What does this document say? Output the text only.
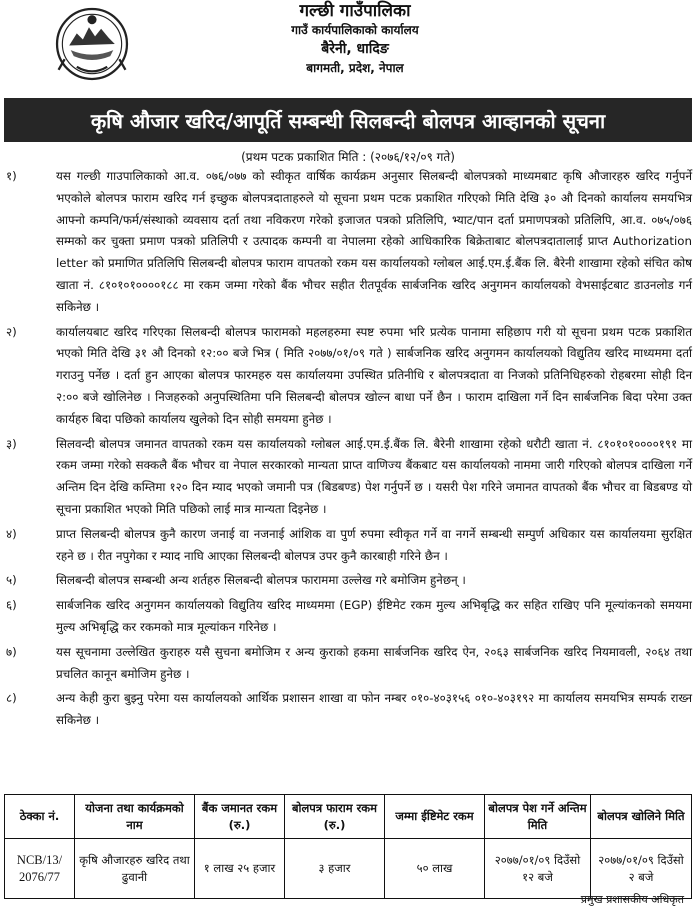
गल्छी गाउँपालिका
गाउँ कार्यपालिकाको कार्यालय
बैरेनी, धादिङ
बागमती, प्रदेश, नेपाल
कृषि औजार खरिद/आपूर्ति सम्बन्धी सिलबन्दी बोलपत्र आव्हानको सूचना
(प्रथम पटक प्रकाशित मिति : (२०७६/१२/०९ गते)
१)	यस गल्छी गाउपालिकाको आ.व. ०७६/०७७ को स्वीकृत वार्षिक कार्यक्रम अनुसार सिलबन्दी बोलपत्रको माध्यमबाट कृषि औजारहरु खरिद गर्नुपर्ने भएकोले बोलपत्र फाराम खरिद गर्न इच्छुक बोलपत्रदाताहरुले यो सूचना प्रथम पटक प्रकाशित गरिएको मिति देखि ३० औ दिनको कार्यालय समयभित्र आफ्नो कम्पनि/फर्म/संस्थाको व्यवसाय दर्ता तथा नविकरण गरेको इजाजत पत्रको प्रतिलिपि, भ्याट/पान दर्ता प्रमाणपत्रको प्रतिलिपि, आ.व. ०७५/०७६ सम्मको कर चुक्ता प्रमाण पत्रको प्रतिलिपी र उत्पादक कम्पनी वा नेपालमा रहेको आधिकारिक बिक्रेताबाट बोलपत्रदातालाई प्राप्त Authorization letter को प्रमाणित प्रतिलिपि सिलबन्दी बोलपत्र फाराम वापतको रकम यस कार्यालयको ग्लोबल आई.एम.ई.बैंक लि. बैरेनी शाखामा रहेको संचित कोष खाता नं. ८१०१०१००००१८८ मा रकम जम्मा गरेको बैंक भौचर सहीत रीतपूर्वक सार्बजनिक खरिद अनुगमन कार्यालयको वेभसाईटबाट डाउनलोड गर्न सकिनेछ ।
२)	कार्यालयबाट खरिद गरिएका सिलबन्दी बोलपत्र फारामको महलहरुमा स्पष्ट रुपमा भरि प्रत्येक पानामा सहिछाप गरी यो सूचना प्रथम पटक प्रकाशित भएको मिति देखि ३१ औ दिनको १२:०० बजे भित्र ( मिति २०७७/०१/०९ गते ) सार्बजनिक खरिद अनुगमन कार्यालयको विद्युतिय खरिद माध्यममा दर्ता गराउनु पर्नेछ । दर्ता हुन आएका बोलपत्र फारमहरु यस कार्यालयमा उपस्थित प्रतिनीधि र बोलपत्रदाता वा निजको प्रतिनिधिहरुको रोहबरमा सोही दिन २:०० बजे खोलिनेछ । निजहरुको अनुपस्थितिमा पनि सिलबन्दी बोलपत्र खोल्न बाधा पर्ने छैन । फाराम दाखिला गर्ने दिन सार्बजनिक बिदा परेमा उक्त कार्यहरु बिदा पछिको कार्यालय खुलेको दिन सोही समयमा हुनेछ ।
३)	सिलवन्दी बोलपत्र जमानत वापतको रकम यस कार्यालयको ग्लोबल आई.एम.ई.बैंक लि. बैरेनी शाखामा रहेको धरौटी खाता नं. ८१०१०१००००१९१ मा रकम जम्मा गरेको सक्कलै बैंक भौचर वा नेपाल सरकारको मान्यता प्राप्त वाणिज्य बैंकबाट यस कार्यालयको नाममा जारी गरिएको बोलपत्र दाखिला गर्ने अन्तिम दिन देखि कम्तिमा १२० दिन म्याद भएको जमानी पत्र (बिडबण्ड) पेश गर्नुपर्ने छ । यसरी पेश गरिने जमानत वापतको बैंक भौचर वा बिडबण्ड यो सूचना प्रकाशित भएको मिति पछिको लाई मात्र मान्यता दिइनेछ ।
४)	प्राप्त सिलबन्दी बोलपत्र कुनै कारण जनाई वा नजनाई आंशिक वा पुर्ण रुपमा स्वीकृत गर्ने वा नगर्ने सम्बन्धी सम्पुर्ण अधिकार यस कार्यालयमा सुरक्षित रहने छ । रीत नपुगेका र म्याद नाघि आएका सिलबन्दी बोलपत्र उपर कुनै कारबाही गरिने छैन ।
५)	सिलबन्दी बोलपत्र सम्बन्धी अन्य शर्तहरु सिलबन्दी बोलपत्र फाराममा उल्लेख गरे बमोजिम हुनेछन् ।
६)	सार्बजनिक खरिद अनुगमन कार्यालयको विद्युतिय खरिद माध्यममा (EGP) ईष्टिमेट रकम मुल्य अभिबृद्धि कर सहित राखिए पनि मूल्यांकनको समयमा मुल्य अभिबृद्धि कर रकमको मात्र मूल्यांकन गरिनेछ ।
७)	यस सूचनामा उल्लेखित कुराहरु यसै सुचना बमोजिम र अन्य कुराको हकमा सार्बजनिक खरिद ऐन, २०६३ सार्बजनिक खरिद नियमावली, २०६४ तथा प्रचलित कानून बमोजिम हुनेछ ।
८)	अन्य केही कुरा बुझ्नु परेमा यस कार्यालयको आर्थिक प्रशासन शाखा वा फोन नम्बर ०१०-४०३१५६ ०१०-४०३१९२ मा कार्यालय समयभित्र सम्पर्क राख्न सकिनेछ ।
ठेक्का नं.	योजना तथा कार्यक्रमको नाम	बैंक जमानत रकम (रु.)	बोलपत्र फाराम रकम (रु.)	जम्मा ईष्टिमेट रकम	बोलपत्र पेश गर्ने अन्तिम मिति	बोलपत्र खोलिने मिति
NCB/13/ 2076/77	कृषि औजारहरु खरिद तथा ढुवानी	१ लाख २५ हजार	३ हजार	५० लाख	२०७७/०१/०९ दिउँसो १२ बजे	२०७७/०१/०९ दिउँसो २ बजे
प्रमुख प्रशासकीय अधिकृत
